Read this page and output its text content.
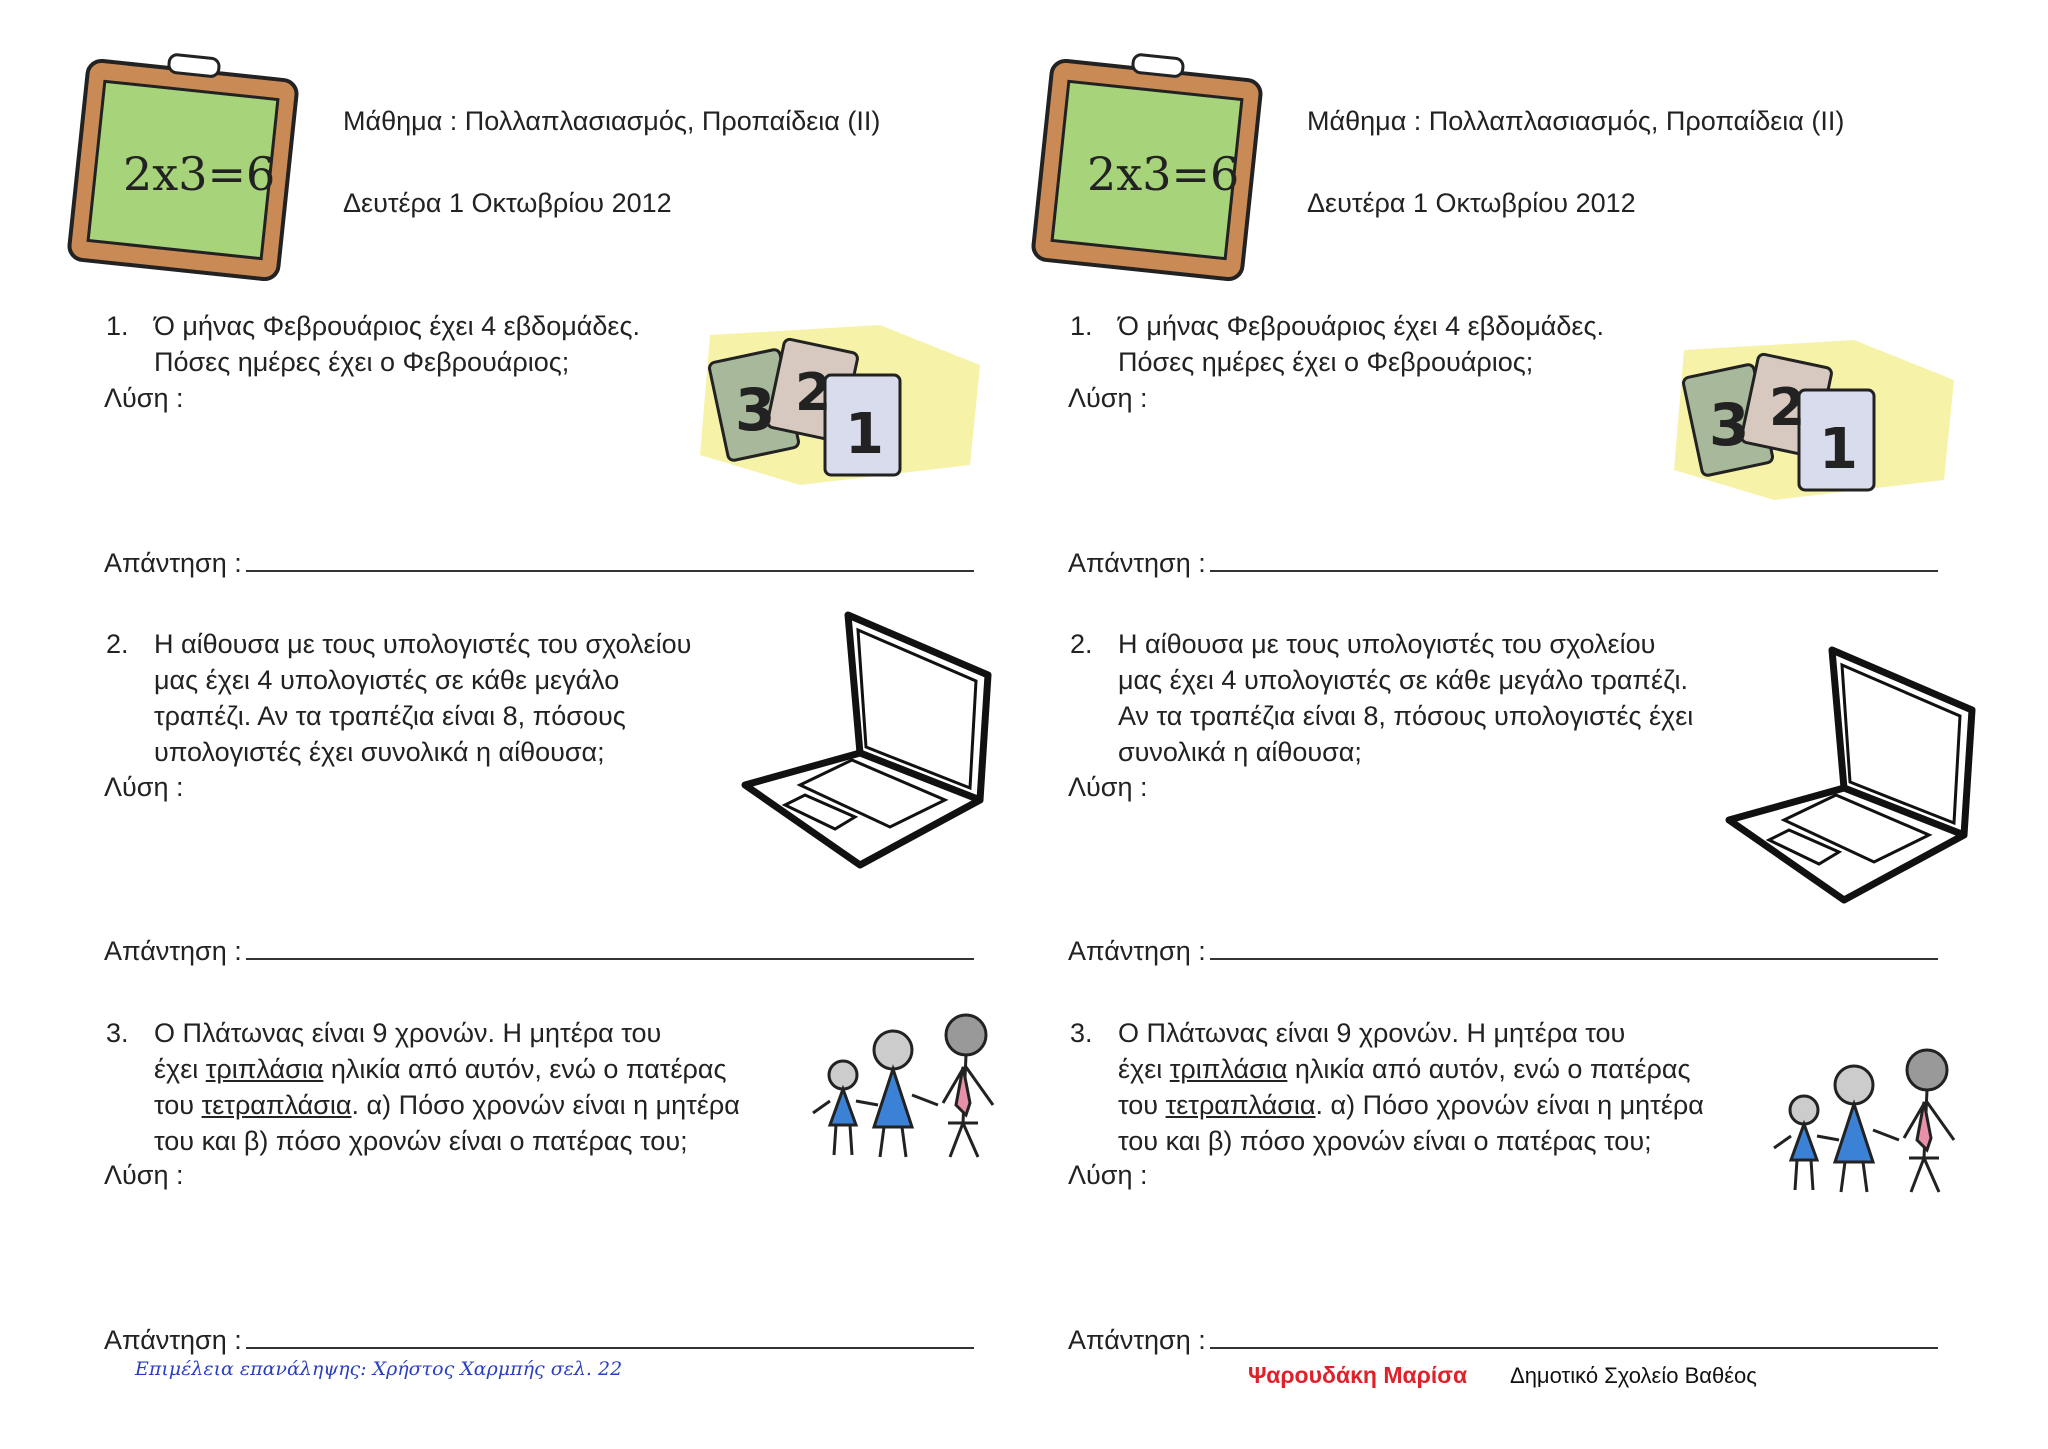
2x3=6
Μάθημα : Πολλαπλασιασμός, Προπαίδεια (ΙΙ)
Δευτέρα 1 Οκτωβρίου 2012
1. Ό μήνας Φεβρουάριος έχει 4 εβδομάδες.
Πόσες ημέρες έχει ο Φεβρουάριος;
Λύση :	3 2
1
Απάντηση :
2. Η αίθουσα με τους υπολογιστές του σχολείου
μας έχει 4 υπολογιστές σε κάθε μεγάλο
τραπέζι. Αν τα τραπέζια είναι 8, πόσους
υπολογιστές έχει συνολικά η αίθουσα;
Λύση :
Απάντηση :
3. Ο Πλάτωνας είναι 9 χρονών. Η μητέρα του
έχει τριπλάσια ηλικία από αυτόν, ενώ ο πατέρας
του τετραπλάσια. α) Πόσο χρονών είναι η μητέρα
του και β) πόσο χρονών είναι ο πατέρας του;
Λύση :
Απάντηση :
2x3=6
Μάθημα : Πολλαπλασιασμός, Προπαίδεια (ΙΙ)
Δευτέρα 1 Οκτωβρίου 2012
1. Ό μήνας Φεβρουάριος έχει 4 εβδομάδες.
Πόσες ημέρες έχει ο Φεβρουάριος;
Λύση :	3 2
1
Απάντηση :
2. Η αίθουσα με τους υπολογιστές του σχολείου
μας έχει 4 υπολογιστές σε κάθε μεγάλο τραπέζι.
Αν τα τραπέζια είναι 8, πόσους υπολογιστές έχει
συνολικά η αίθουσα;
Λύση :
Απάντηση :
3. Ο Πλάτωνας είναι 9 χρονών. Η μητέρα του
έχει τριπλάσια ηλικία από αυτόν, ενώ ο πατέρας
του τετραπλάσια. α) Πόσο χρονών είναι η μητέρα
του και β) πόσο χρονών είναι ο πατέρας του;
Λύση :
Απάντηση :
Επιμέλεια επανάληψης: Χρήστος Χαρμπής σελ. 22	Ψαρουδάκη Μαρίσα Δημοτικό Σχολείο Βαθέος
